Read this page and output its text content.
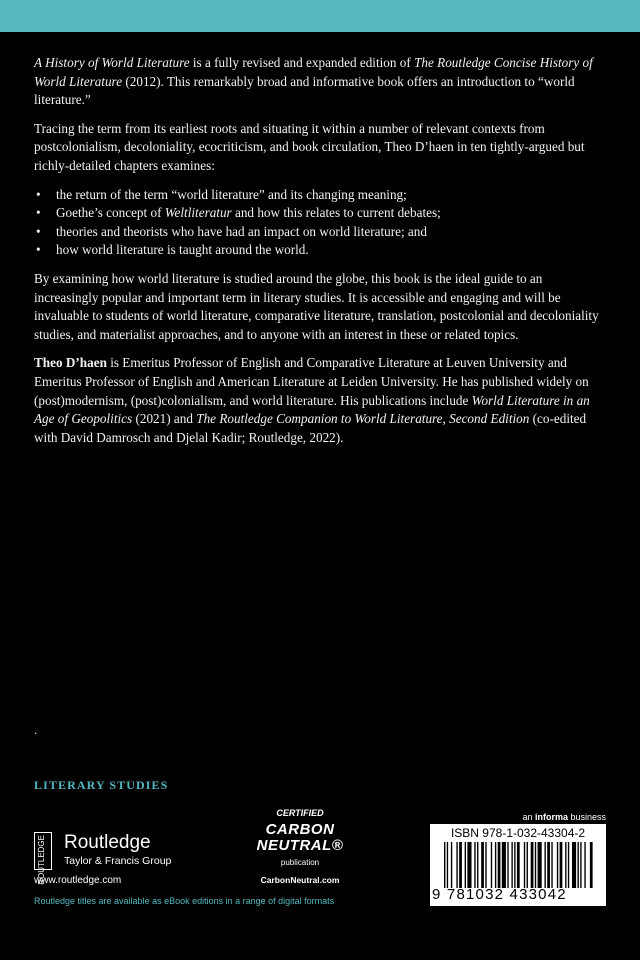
A History of World Literature is a fully revised and expanded edition of The Routledge Concise History of World Literature (2012). This remarkably broad and informative book offers an introduction to “world literature.”

Tracing the term from its earliest roots and situating it within a number of relevant contexts from postcolonialism, decoloniality, ecocriticism, and book circulation, Theo D’haen in ten tightly-argued but richly-detailed chapters examines:

• the return of the term “world literature” and its changing meaning;
• Goethe’s concept of Weltliteratur and how this relates to current debates;
• theories and theorists who have had an impact on world literature; and
• how world literature is taught around the world.

By examining how world literature is studied around the globe, this book is the ideal guide to an increasingly popular and important term in literary studies. It is accessible and engaging and will be invaluable to students of world literature, comparative literature, translation, postcolonial and decoloniality studies, and materialist approaches, and to anyone with an interest in these or related topics.

Theo D’haen is Emeritus Professor of English and Comparative Literature at Leuven University and Emeritus Professor of English and American Literature at Leiden University. He has published widely on (post)modernism, (post)colonialism, and world literature. His publications include World Literature in an Age of Geopolitics (2021) and The Routledge Companion to World Literature, Second Edition (co-edited with David Damrosch and Djelal Kadir; Routledge, 2022).

.
LITERARY STUDIES
ROUTLEDGE Routledge
Taylor & Francis Group
www.routledge.com
Routledge titles are available as eBook editions in a range of digital formats
CERTIFIED
CARBON
NEUTRAL®
publication
CarbonNeutral.com
an informa business
ISBN 978-1-032-43304-2
9 781032 433042
